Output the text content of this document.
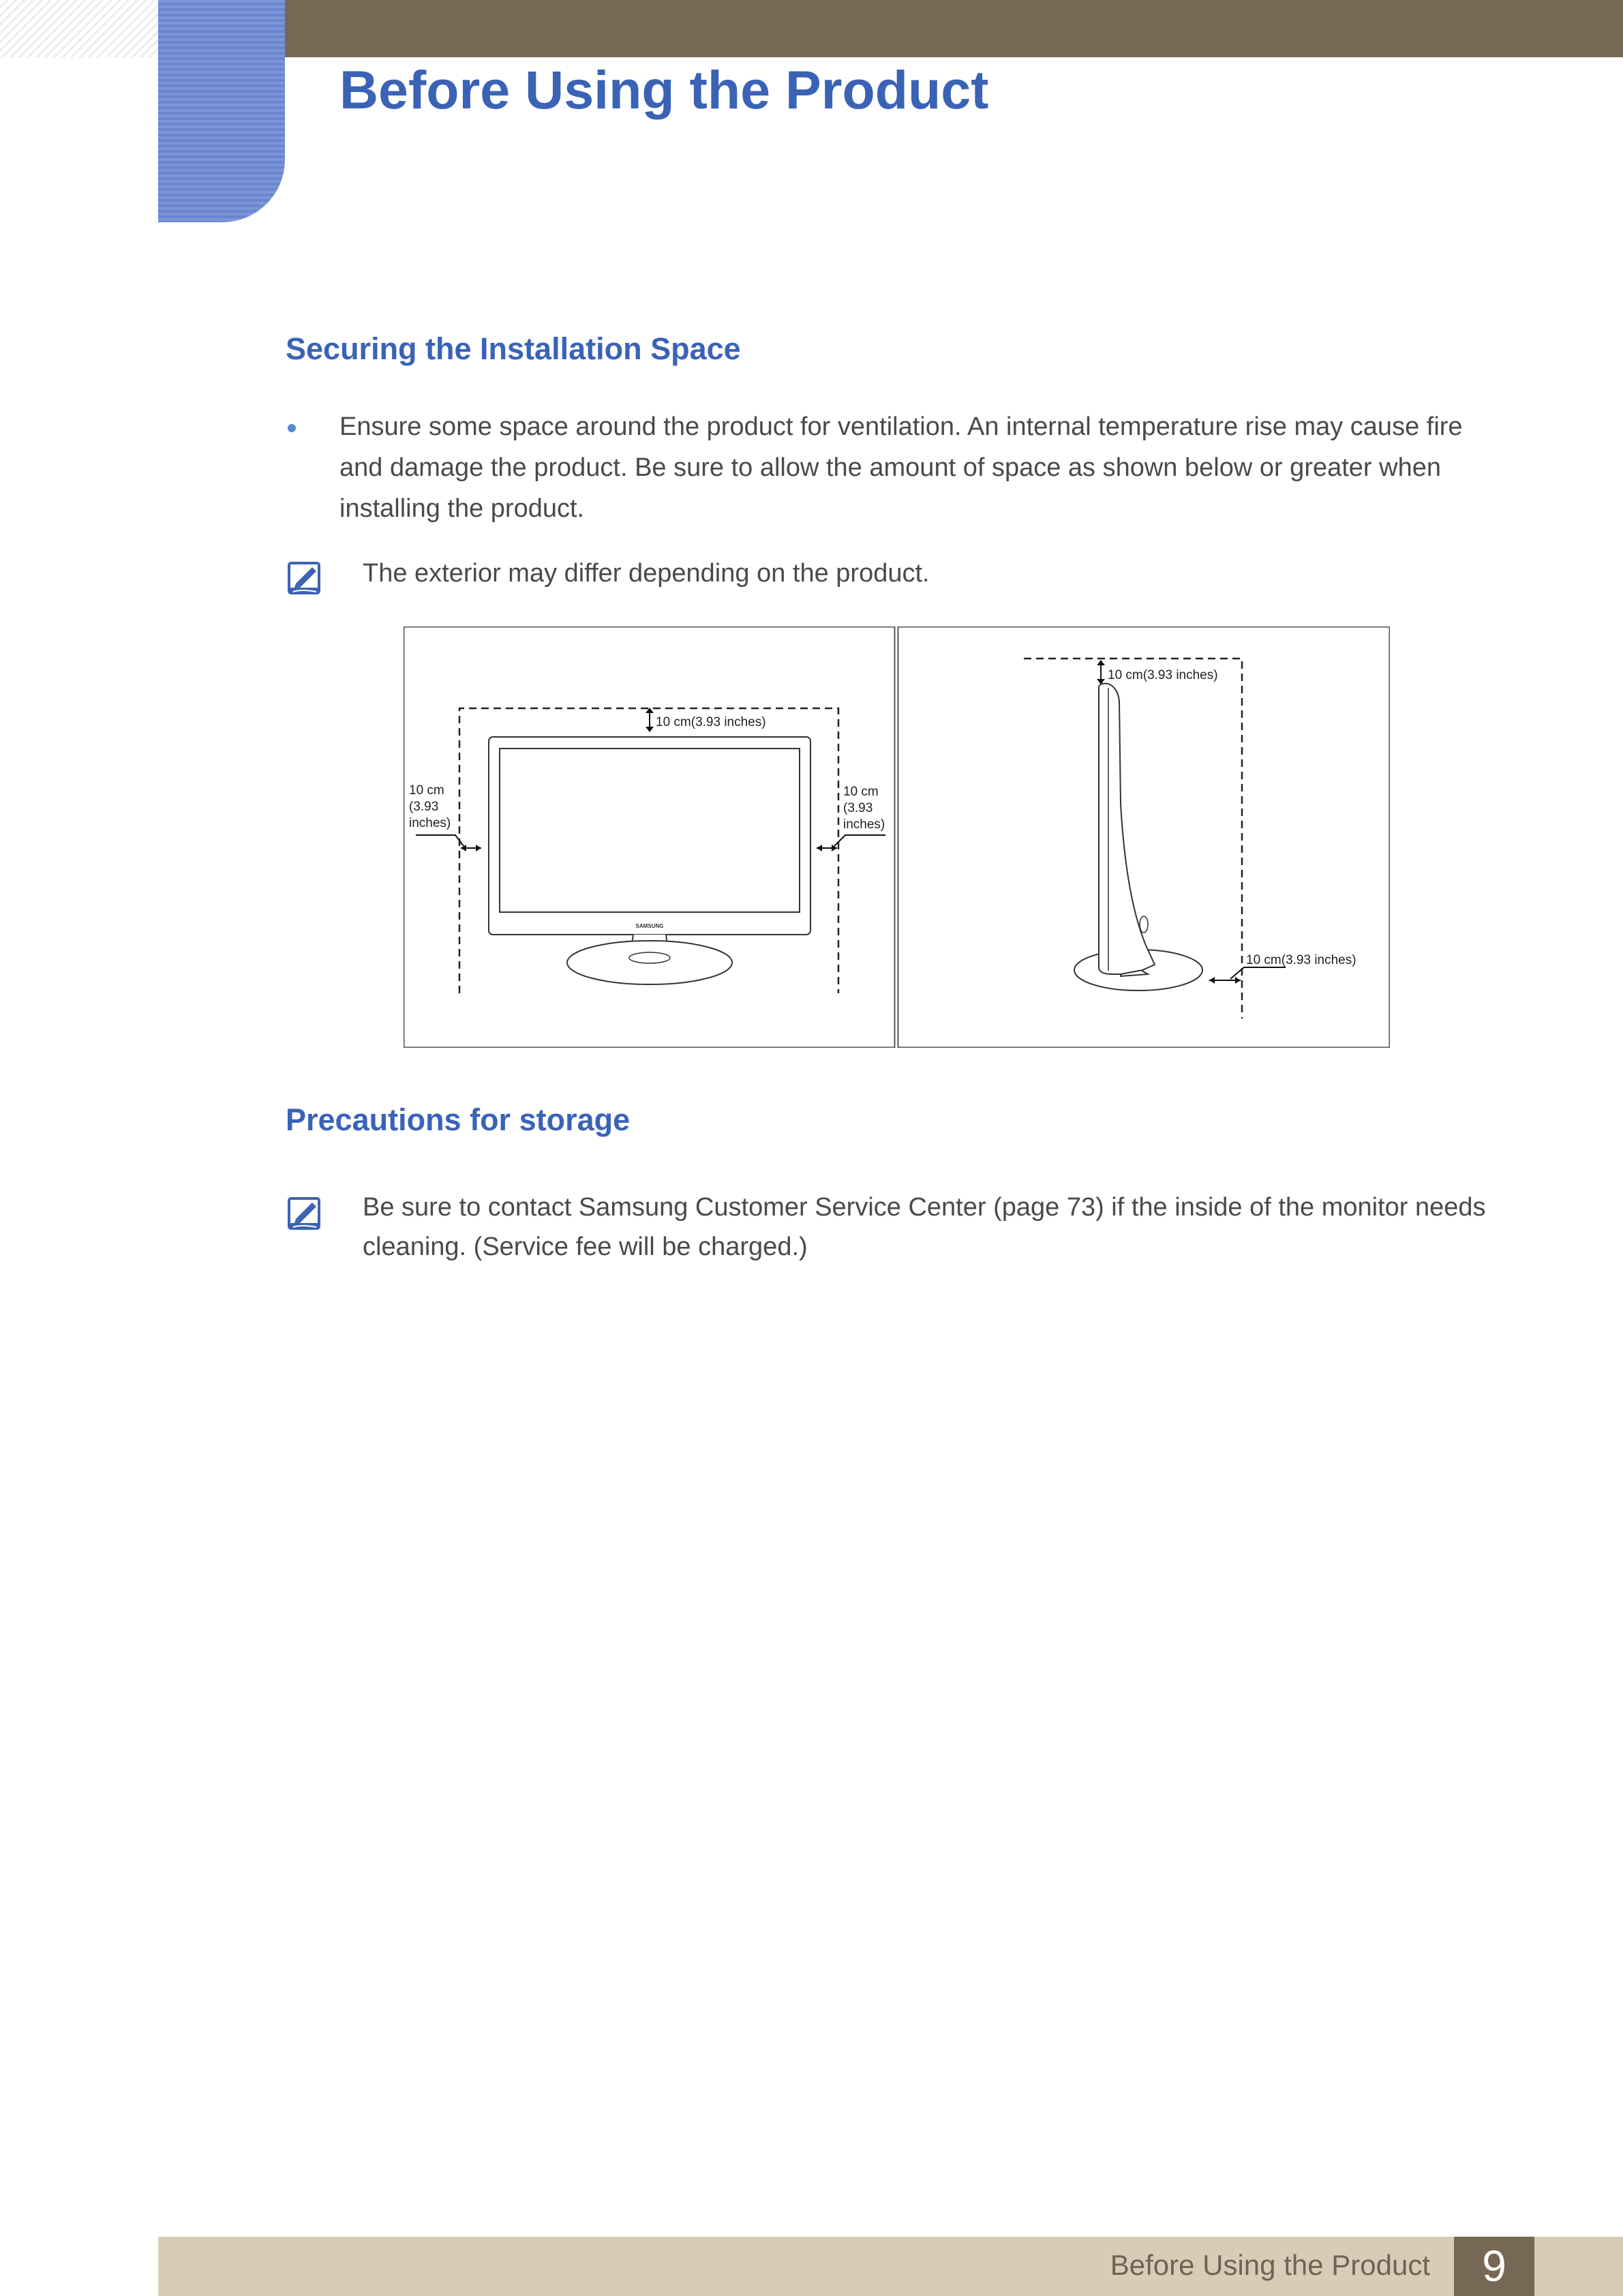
Before Using the Product
Securing the Installation Space

Ensure some space around the product for ventilation. An internal temperature rise may cause fire and damage the product. Be sure to allow the amount of space as shown below or greater when installing the product.

The exterior may differ depending on the product.

SAMSUNG
10 cm(3.93 inches)
10 cm (3.93 inches)
10 cm (3.93 inches)
10 cm(3.93 inches)
10 cm(3.93 inches)
Precautions for storage

Be sure to contact Samsung Customer Service Center (page 73) if the inside of the monitor needs cleaning. (Service fee will be charged.)

Before Using the Product	9
